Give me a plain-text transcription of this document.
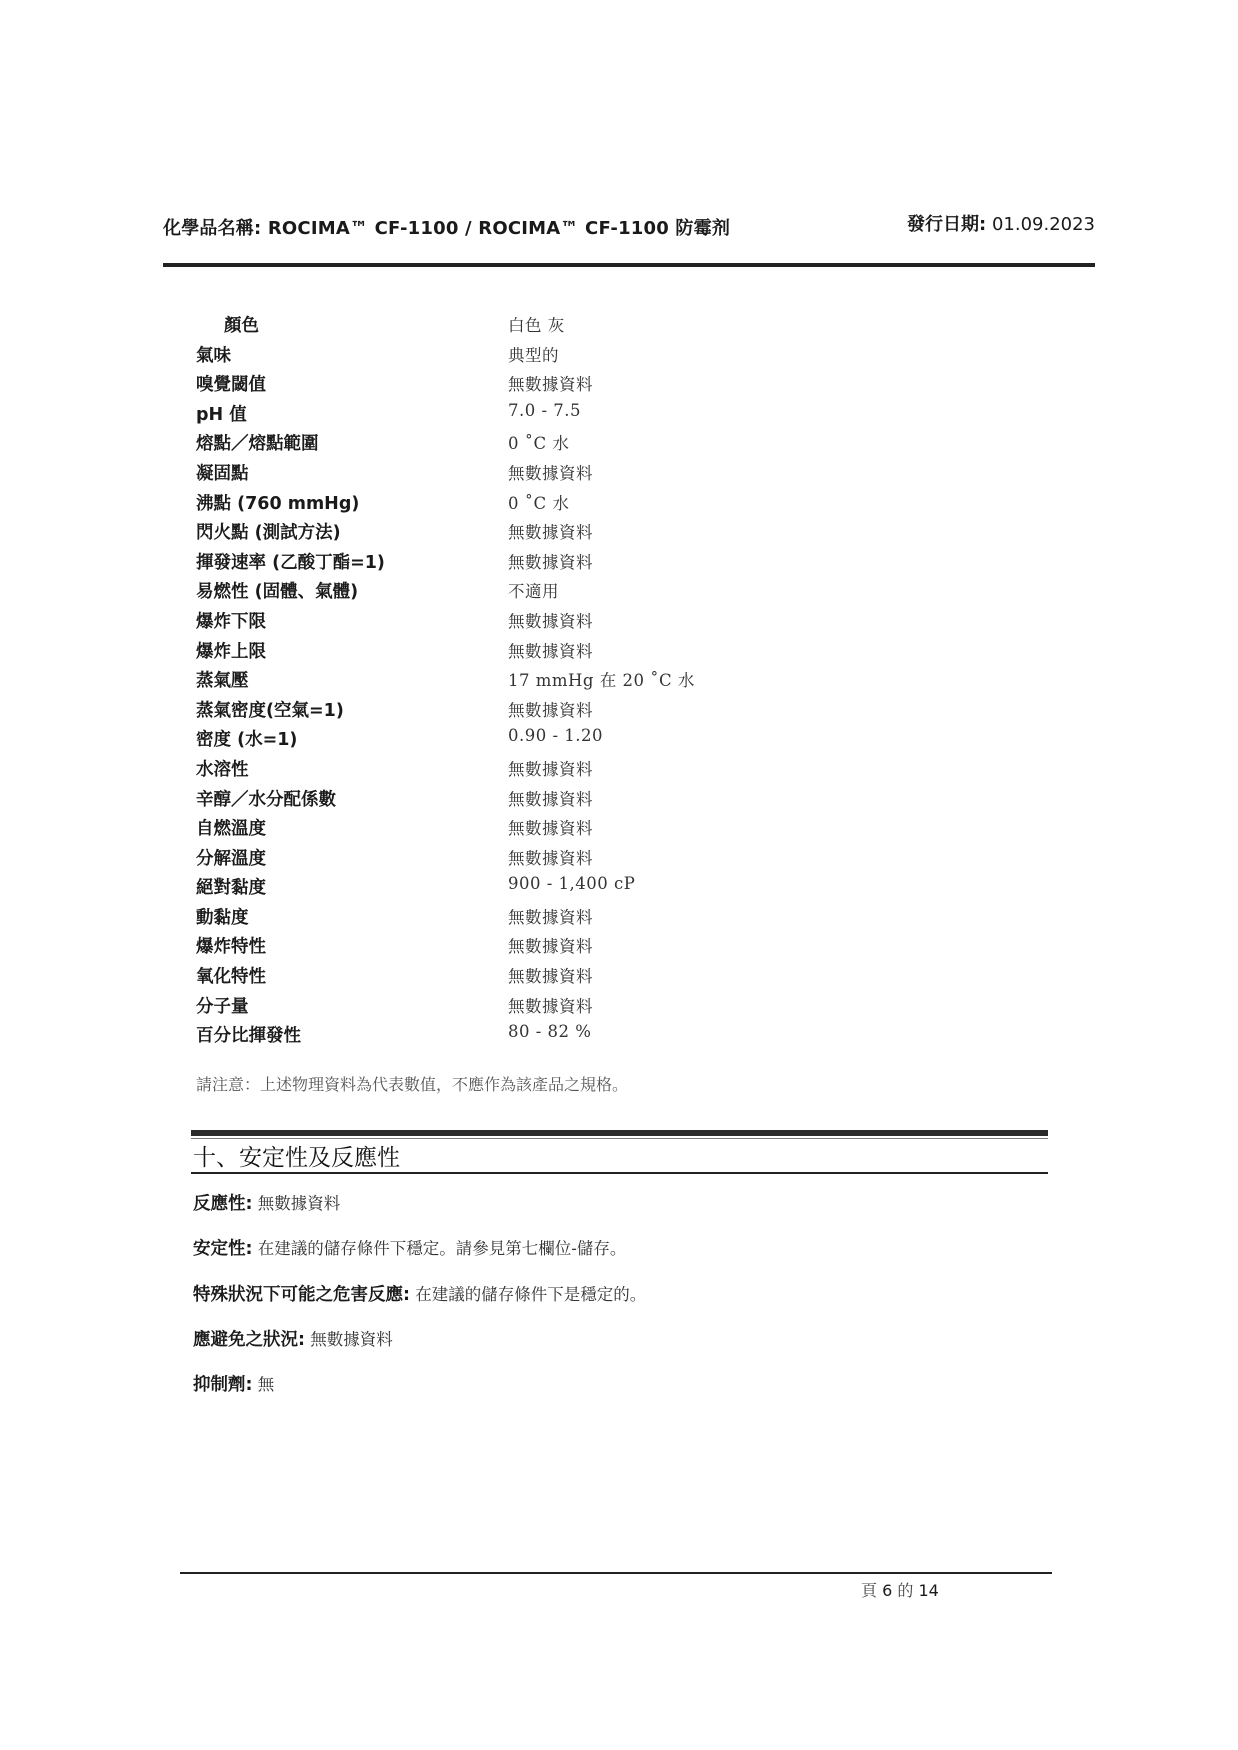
化學品名稱: ROCIMA™ CF-1100 / ROCIMA™ CF-1100 防霉剂	發行日期: 01.09.2023
顏色	白色 灰
氣味	典型的
嗅覺閾值	無數據資料
pH 值	7.0 - 7.5
熔點／熔點範圍	0 ˚C 水
凝固點	無數據資料
沸點 (760 mmHg)	0 ˚C 水
閃火點 (測試方法)	無數據資料
揮發速率 (乙酸丁酯=1)	無數據資料
易燃性 (固體、氣體)	不適用
爆炸下限	無數據資料
爆炸上限	無數據資料
蒸氣壓	17 mmHg 在 20 ˚C 水
蒸氣密度(空氣=1)	無數據資料
密度 (水=1)	0.90 - 1.20
水溶性	無數據資料
辛醇／水分配係數	無數據資料
自燃溫度	無數據資料
分解溫度	無數據資料
絕對黏度	900 - 1,400 cP
動黏度	無數據資料
爆炸特性	無數據資料
氧化特性	無數據資料
分子量	無數據資料
百分比揮發性	80 - 82 %
請注意：上述物理資料為代表數值，不應作為該產品之規格。
十、安定性及反應性
反應性: 無數據資料
安定性: 在建議的儲存條件下穩定。請參見第七欄位-儲存。
特殊狀況下可能之危害反應: 在建議的儲存條件下是穩定的。
應避免之狀況: 無數據資料
抑制劑: 無
頁 6 的 14
